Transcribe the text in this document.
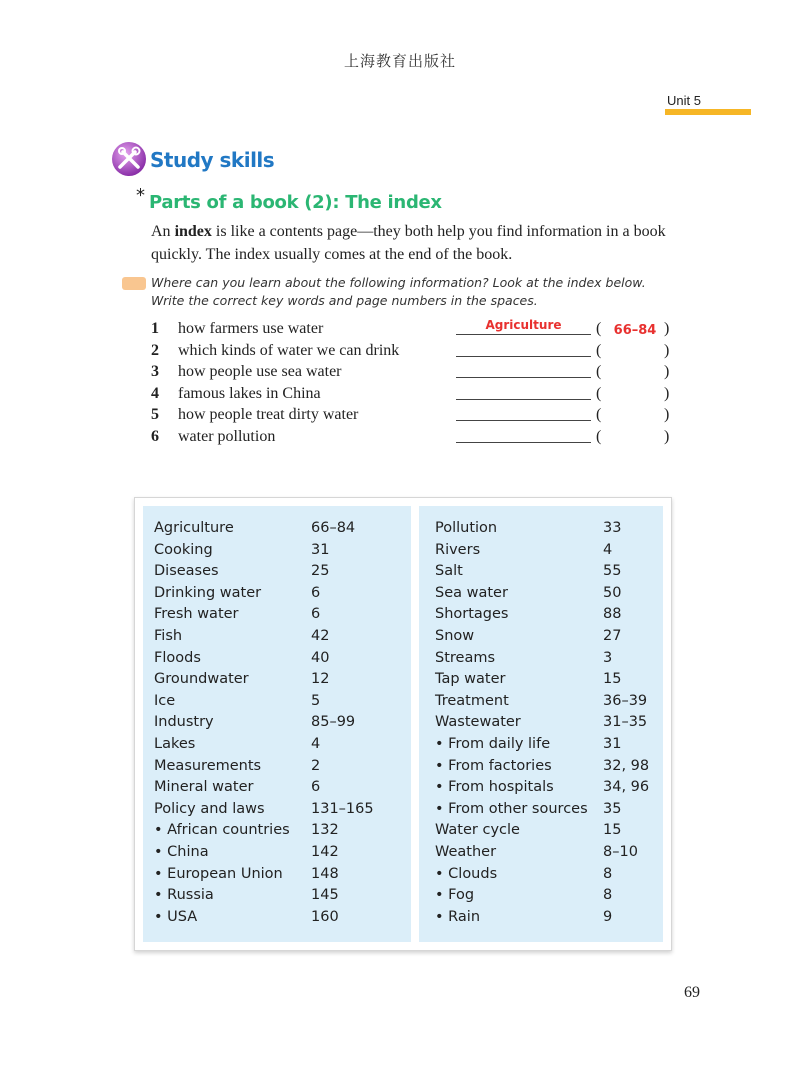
上海教育出版社
Unit 5
Study skills
* Parts of a book (2): The index
An index is like a contents page—they both help you find information in a book quickly. The index usually comes at the end of the book.
Where can you learn about the following information? Look at the index below.
Write the correct key words and page numbers in the spaces.
1 how farmers use water	Agriculture	( 66–84 )
2 which kinds of water we can drink	(	)
3 how people use sea water	(	)
4 famous lakes in China	(	)
5 how people treat dirty water	(	)
6 water pollution	(	)
Agriculture	66–84
Cooking	31
Diseases	25
Drinking water	6
Fresh water	6
Fish	42
Floods	40
Groundwater	12
Ice	5
Industry	85–99
Lakes	4
Measurements	2
Mineral water	6
Policy and laws	131–165
• African countries 132
• China	142
• European Union 148
• Russia	145
• USA	160
Pollution	33
Rivers	4
Salt	55
Sea water	50
Shortages	88
Snow	27
Streams	3
Tap water	15
Treatment	36–39
Wastewater	31–35
• From daily life	31
• From factories	32, 98
• From hospitals	34, 96
• From other sources 35
Water cycle	15
Weather	8–10
• Clouds	8
• Fog	8
• Rain	9
69
